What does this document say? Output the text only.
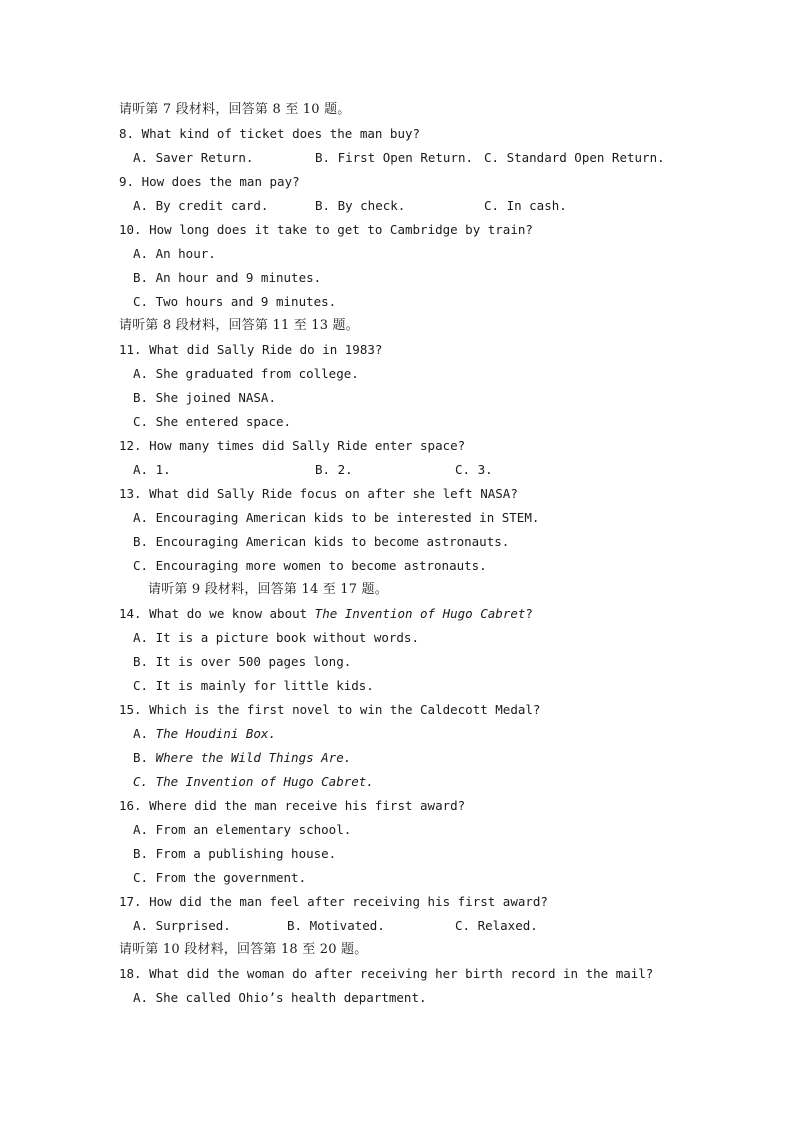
请听第 7 段材料，回答第 8 至 10 题。
8. What kind of ticket does the man buy?

A. Saver Return.

	B. First Open Return.

C. Standard Open Return.

9. How does the man pay?

A. By credit card.

	B. By check.

	C. In cash.

10. How long does it take to get to Cambridge by train?
A. An hour.
B. An hour and 9 minutes.
C. Two hours and 9 minutes.
请听第 8 段材料，回答第 11 至 13 题。
11. What did Sally Ride do in 1983?
A. She graduated from college.
B. She joined NASA.
C. She entered space.
12. How many times did Sally Ride enter space?

A. 1.

	B. 2.

	C. 3.

13. What did Sally Ride focus on after she left NASA?
A. Encouraging American kids to be interested in STEM.
B. Encouraging American kids to become astronauts.
C. Encouraging more women to become astronauts.
请听第 9 段材料，回答第 14 至 17 题。
14. What do we know about The Invention of Hugo Cabret?
A. It is a picture book without words.
B. It is over 500 pages long.
C. It is mainly for little kids.
15. Which is the first novel to win the Caldecott Medal?
A. The Houdini Box.
B. Where the Wild Things Are.
C. The Invention of Hugo Cabret.
16. Where did the man receive his first award?
A. From an elementary school.
B. From a publishing house.
C. From the government.
17. How did the man feel after receiving his first award?

A. Surprised.

	B. Motivated.

	C. Relaxed.

请听第 10 段材料，回答第 18 至 20 题。
18. What did the woman do after receiving her birth record in the mail?
A. She called Ohio’s health department.
